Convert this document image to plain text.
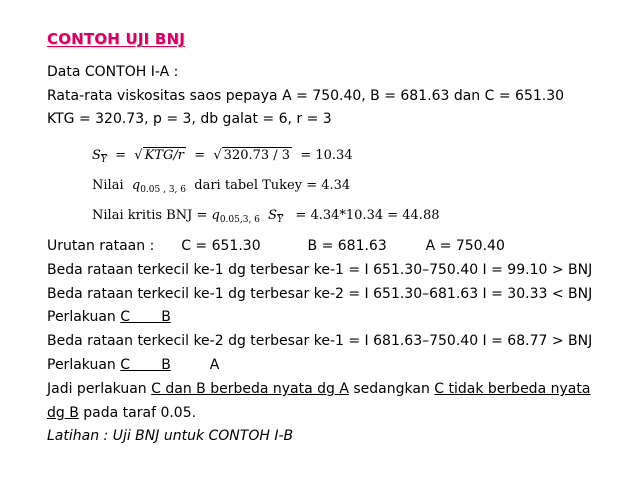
CONTOH UJI BNJ
Data CONTOH I-A :
Rata-rata viskositas saos pepaya A = 750.40, B = 681.63 dan C = 651.30
KTG = 320.73, p = 3, db galat = 6, r = 3
$S_{\overline{Y}}$  =  √ KTG/r  =  √ 320.73 / 3 = 10.34
Nilai $q_{0.05 , 3, 6}$ dari tabel Tukey = 4.34
Nilai kritis BNJ = $q_{0.05,3, 6}$ $S_{\overline{Y}} = 4.34*10.34 = 44.88$
Urutan rataan : C = 651.30	B = 681.63	A = 750.40
Beda rataan terkecil ke-1 dg terbesar ke-1 = I 651.30–750.40 I = 99.10 > BNJ
Beda rataan terkecil ke-1 dg terbesar ke-2 = I 651.30–681.63 I = 30.33 < BNJ
Perlakuan C B
Beda rataan terkecil ke-2 dg terbesar ke-1 = I 681.63–750.40 I = 68.77 > BNJ
Perlakuan C B	A
Jadi perlakuan C dan B berbeda nyata dg A sedangkan C tidak berbeda nyata
dg B pada taraf 0.05.
Latihan : Uji BNJ untuk CONTOH I-B
